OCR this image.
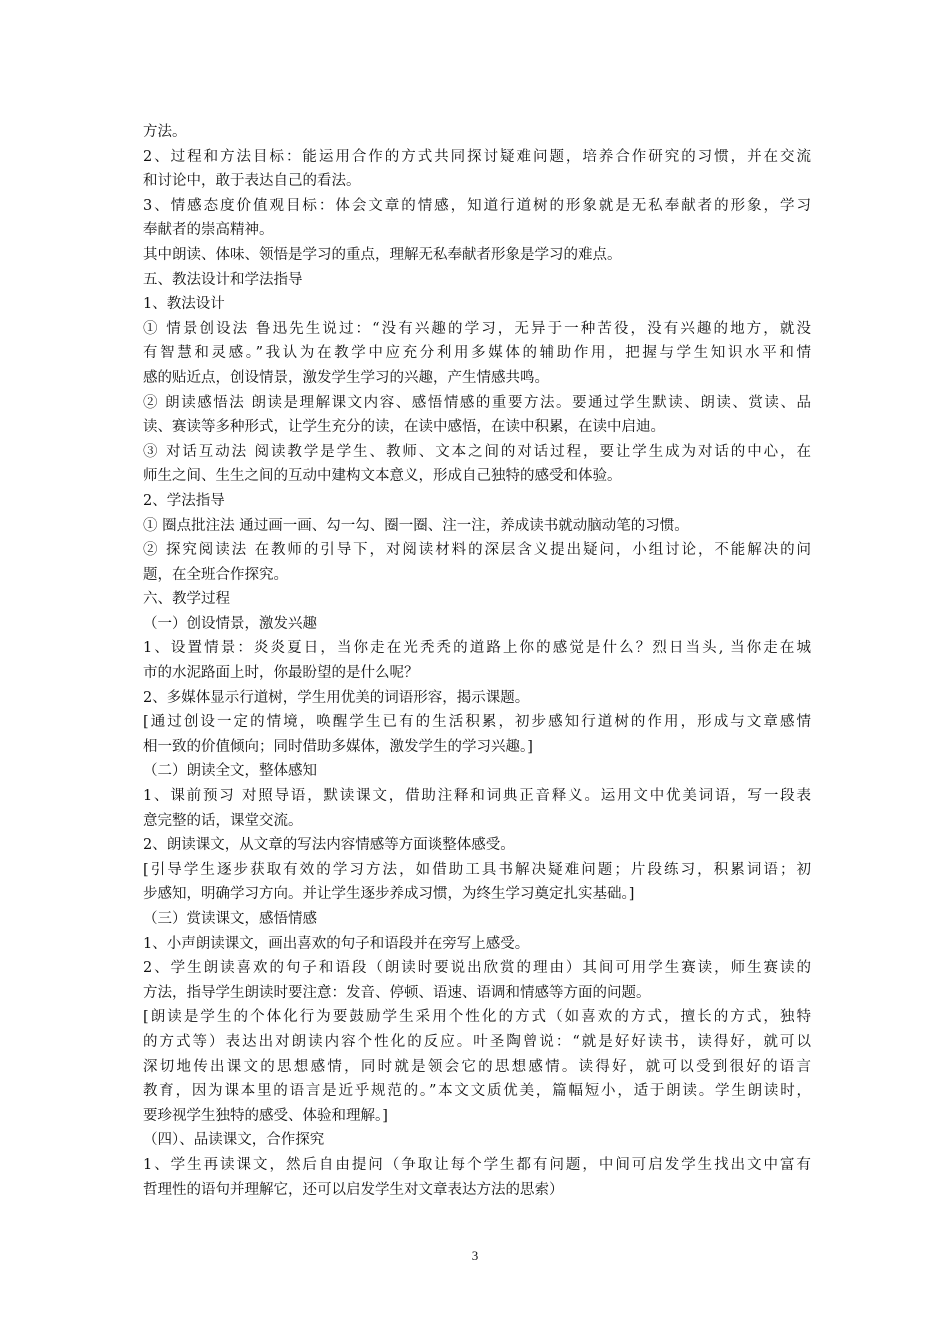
方法。
2、过程和方法目标：能运用合作的方式共同探讨疑难问题，培养合作研究的习惯，并在交流
和讨论中，敢于表达自己的看法。
3、情感态度价值观目标：体会文章的情感，知道行道树的形象就是无私奉献者的形象，学习
奉献者的崇高精神。
其中朗读、体味、领悟是学习的重点，理解无私奉献者形象是学习的难点。
五、教法设计和学法指导
1、教法设计
① 情景创设法 鲁迅先生说过：“没有兴趣的学习，无异于一种苦役，没有兴趣的地方，就没
有智慧和灵感。”我认为在教学中应充分利用多媒体的辅助作用，把握与学生知识水平和情
感的贴近点，创设情景，激发学生学习的兴趣，产生情感共鸣。
② 朗读感悟法 朗读是理解课文内容、感悟情感的重要方法。要通过学生默读、朗读、赏读、品
读、赛读等多种形式，让学生充分的读，在读中感悟，在读中积累，在读中启迪。
③ 对话互动法 阅读教学是学生、教师、文本之间的对话过程，要让学生成为对话的中心，在
师生之间、生生之间的互动中建构文本意义，形成自己独特的感受和体验。
2、学法指导
① 圈点批注法 通过画一画、勾一勾、圈一圈、注一注，养成读书就动脑动笔的习惯。
② 探究阅读法 在教师的引导下，对阅读材料的深层含义提出疑问，小组讨论，不能解决的问
题，在全班合作探究。
六、教学过程
（一）创设情景，激发兴趣
1、设置情景：炎炎夏日，当你走在光秃秃的道路上你的感觉是什么？烈日当头, 当你走在城
市的水泥路面上时，你最盼望的是什么呢？
2、多媒体显示行道树，学生用优美的词语形容，揭示课题。
[通过创设一定的情境，唤醒学生已有的生活积累，初步感知行道树的作用，形成与文章感情
相一致的价值倾向；同时借助多媒体，激发学生的学习兴趣。]
（二）朗读全文，整体感知
1、课前预习 对照导语，默读课文，借助注释和词典正音释义。运用文中优美词语，写一段表
意完整的话，课堂交流。
2、朗读课文，从文章的写法内容情感等方面谈整体感受。
[引导学生逐步获取有效的学习方法，如借助工具书解决疑难问题；片段练习，积累词语；初
步感知，明确学习方向。并让学生逐步养成习惯，为终生学习奠定扎实基础。]
（三）赏读课文，感悟情感
1、小声朗读课文，画出喜欢的句子和语段并在旁写上感受。
2、学生朗读喜欢的句子和语段（朗读时要说出欣赏的理由）其间可用学生赛读，师生赛读的
方法，指导学生朗读时要注意：发音、停顿、语速、语调和情感等方面的问题。
[朗读是学生的个体化行为要鼓励学生采用个性化的方式（如喜欢的方式，擅长的方式，独特
的方式等）表达出对朗读内容个性化的反应。叶圣陶曾说：“就是好好读书，读得好，就可以
深切地传出课文的思想感情，同时就是领会它的思想感情。读得好，就可以受到很好的语言
教育，因为课本里的语言是近乎规范的。”本文文质优美，篇幅短小，适于朗读。学生朗读时，
要珍视学生独特的感受、体验和理解。]
（四）、品读课文，合作探究
1、学生再读课文，然后自由提问（争取让每个学生都有问题，中间可启发学生找出文中富有
哲理性的语句并理解它，还可以启发学生对文章表达方法的思索）
3
